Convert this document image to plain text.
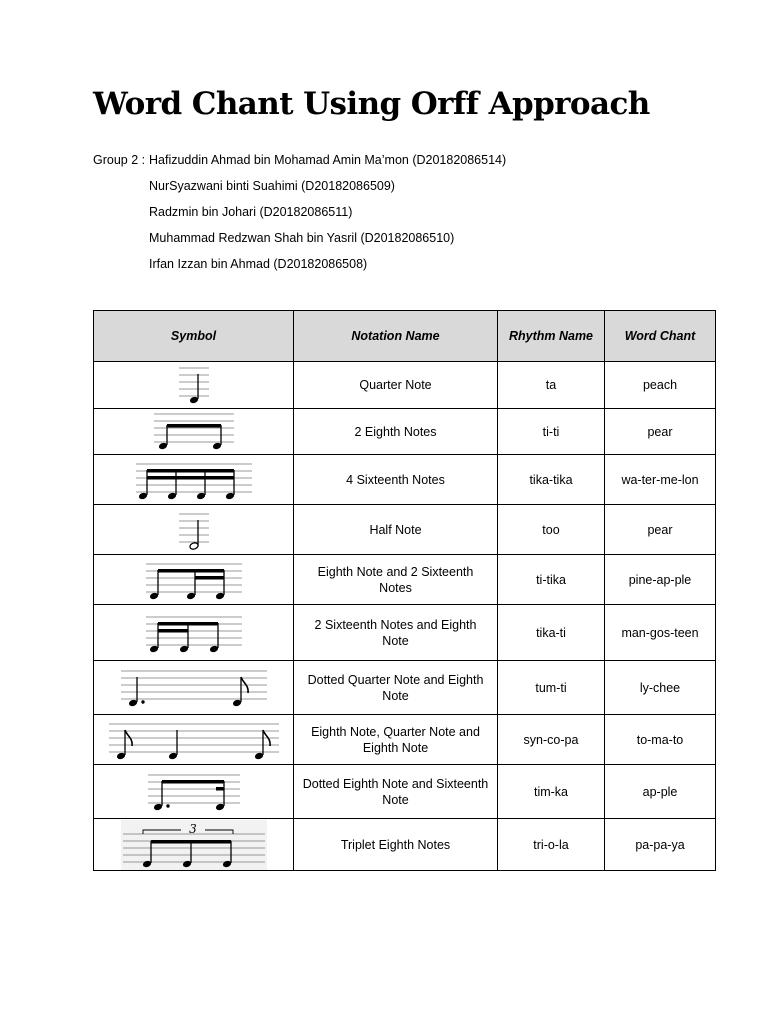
Word Chant Using Orff Approach
Group 2 : Hafizuddin Ahmad bin Mohamad Amin Ma’mon (D20182086514)
NurSyazwani binti Suahimi (D20182086509)
Radzmin bin Johari (D20182086511)
Muhammad Redzwan Shah bin Yasril (D20182086510)
Irfan Izzan bin Ahmad (D20182086508)
Symbol	Notation Name	Rhythm Name	Word Chant

	Quarter Note	ta	peach

	2 Eighth Notes	ti-ti	pear

	4 Sixteenth Notes	tika-tika	wa-ter-me-lon

	Half Note	too	pear

	Eighth Note and 2 Sixteenth Notes	ti-tika	pine-ap-ple

	2 Sixteenth Notes and Eighth Note	tika-ti	man-gos-teen

	Dotted Quarter Note and Eighth Note	tum-ti	ly-chee

	Eighth Note, Quarter Note and Eighth Note	syn-co-pa	to-ma-to

	Dotted Eighth Note and Sixteenth Note	tim-ka	ap-ple

3	Triplet Eighth Notes	tri-o-la	pa-pa-ya
